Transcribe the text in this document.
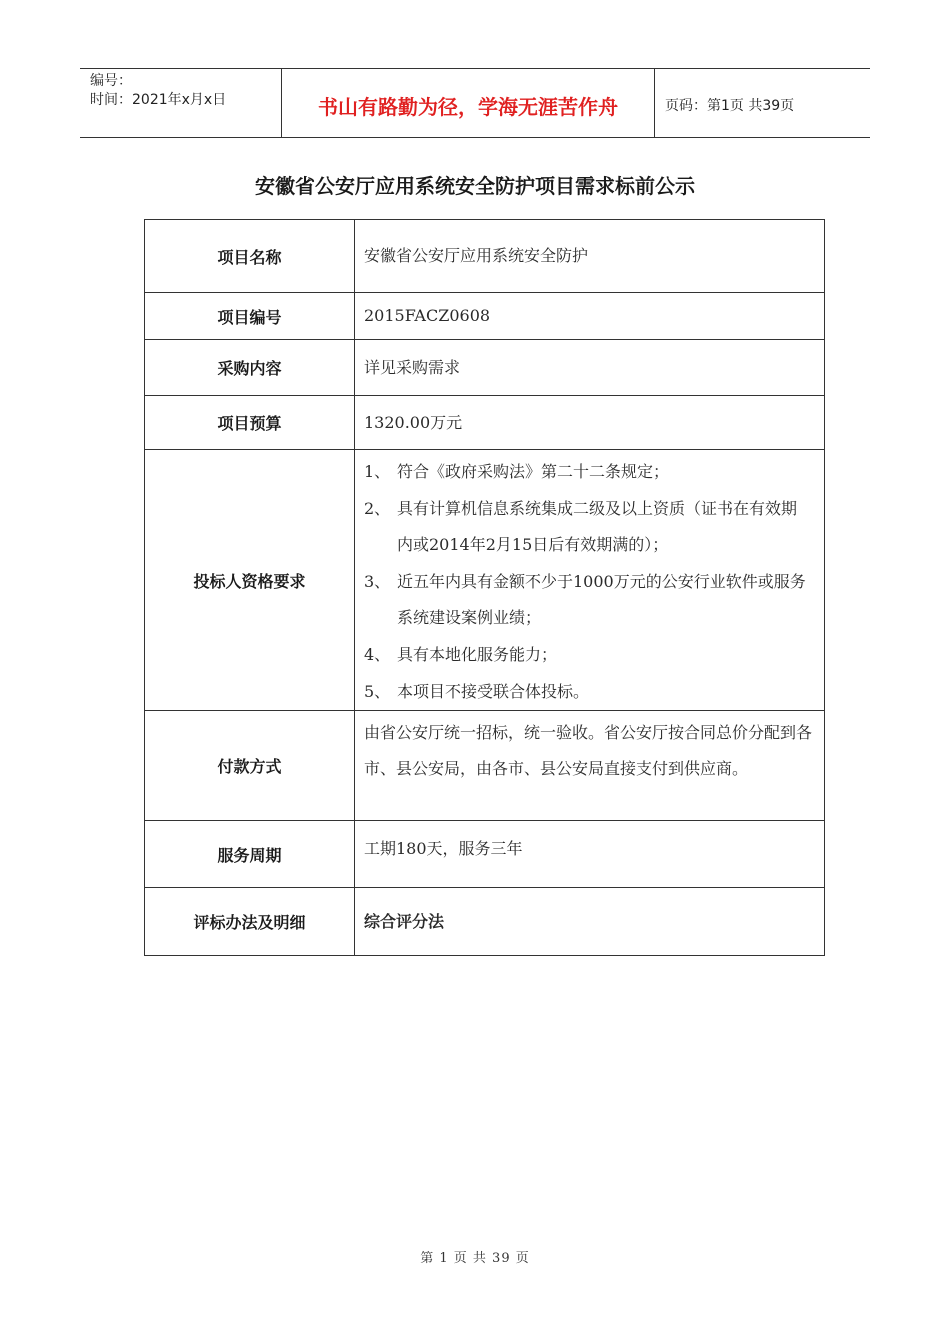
编号：
时间：2021年x月x日	书山有路勤为径，学海无涯苦作舟	页码：第1页 共39页
安徽省公安厅应用系统安全防护项目需求标前公示
项目名称	安徽省公安厅应用系统安全防护
项目编号	2015FACZ0608
采购内容	详见采购需求
项目预算	1320.00万元
投标人资格要求	1、 符合《政府采购法》第二十二条规定；
2、 具有计算机信息系统集成二级及以上资质（证书在有效期内或2014年2月15日后有效期满的）；
3、 近五年内具有金额不少于1000万元的公安行业软件或服务系统建设案例业绩；
4、 具有本地化服务能力；
5、 本项目不接受联合体投标。

付款方式	由省公安厅统一招标，统一验收。省公安厅按合同总价分配到各市、县公安局，由各市、县公安局直接支付到供应商。
服务周期	工期180天，服务三年
评标办法及明细	综合评分法
第 1 页 共 39 页
